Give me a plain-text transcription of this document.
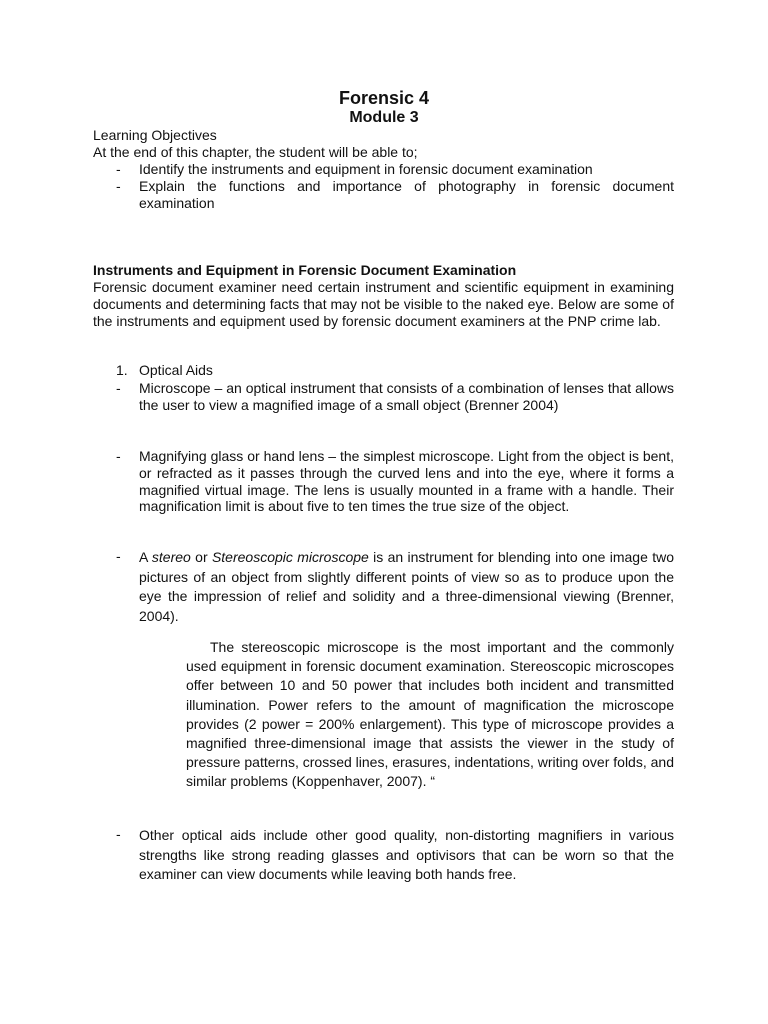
Forensic 4
Module 3
Learning Objectives
At the end of this chapter, the student will be able to;
- Identify the instruments and equipment in forensic document examination
- Explain the functions and importance of photography in forensic document examination
Instruments and Equipment in Forensic Document Examination
Forensic document examiner need certain instrument and scientific equipment in examining documents and determining facts that may not be visible to the naked eye. Below are some of the instruments and equipment used by forensic document examiners at the PNP crime lab.
1. Optical Aids
- Microscope – an optical instrument that consists of a combination of lenses that allows the user to view a magnified image of a small object (Brenner 2004)
- Magnifying glass or hand lens – the simplest microscope. Light from the object is bent, or refracted as it passes through the curved lens and into the eye, where it forms a magnified virtual image. The lens is usually mounted in a frame with a handle. Their magnification limit is about five to ten times the true size of the object.
- A stereo or Stereoscopic microscope is an instrument for blending into one image two pictures of an object from slightly different points of view so as to produce upon the eye the impression of relief and solidity and a three-dimensional viewing (Brenner, 2004).
The stereoscopic microscope is the most important and the commonly used equipment in forensic document examination. Stereoscopic microscopes offer between 10 and 50 power that includes both incident and transmitted illumination. Power refers to the amount of magnification the microscope provides (2 power = 200% enlargement). This type of microscope provides a magnified three-dimensional image that assists the viewer in the study of pressure patterns, crossed lines, erasures, indentations, writing over folds, and similar problems (Koppenhaver, 2007). “
- Other optical aids include other good quality, non-distorting magnifiers in various strengths like strong reading glasses and optivisors that can be worn so that the examiner can view documents while leaving both hands free.
